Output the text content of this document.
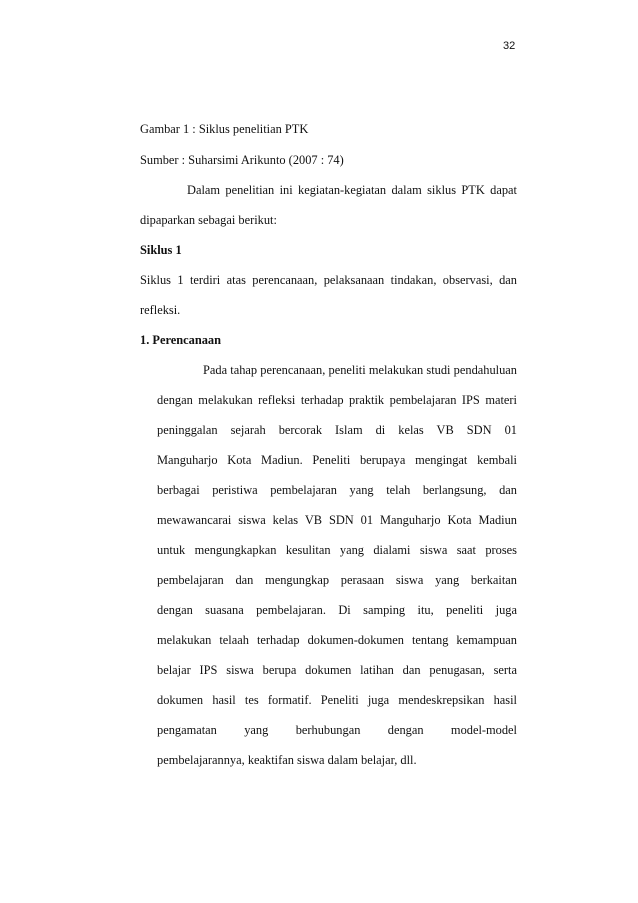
32
Gambar 1 : Siklus penelitian PTK
Sumber : Suharsimi Arikunto (2007 : 74)
Dalam penelitian ini kegiatan-kegiatan dalam siklus PTK dapat
dipaparkan sebagai berikut:
Siklus 1
Siklus 1 terdiri atas perencanaan, pelaksanaan tindakan, observasi, dan
refleksi.
1. Perencanaan
Pada tahap perencanaan, peneliti melakukan studi pendahuluan
dengan melakukan refleksi terhadap praktik pembelajaran IPS materi
peninggalan sejarah bercorak Islam di kelas VB SDN 01
Manguharjo Kota Madiun. Peneliti berupaya mengingat kembali
berbagai peristiwa pembelajaran yang telah berlangsung, dan
mewawancarai siswa kelas VB SDN 01 Manguharjo Kota Madiun
untuk mengungkapkan kesulitan yang dialami siswa saat proses
pembelajaran dan mengungkap perasaan siswa yang berkaitan
dengan suasana pembelajaran. Di samping itu, peneliti juga
melakukan telaah terhadap dokumen-dokumen tentang kemampuan
belajar IPS siswa berupa dokumen latihan dan penugasan, serta
dokumen hasil tes formatif. Peneliti juga mendeskrepsikan hasil
pengamatan yang berhubungan dengan model-model
pembelajarannya, keaktifan siswa dalam belajar, dll.
